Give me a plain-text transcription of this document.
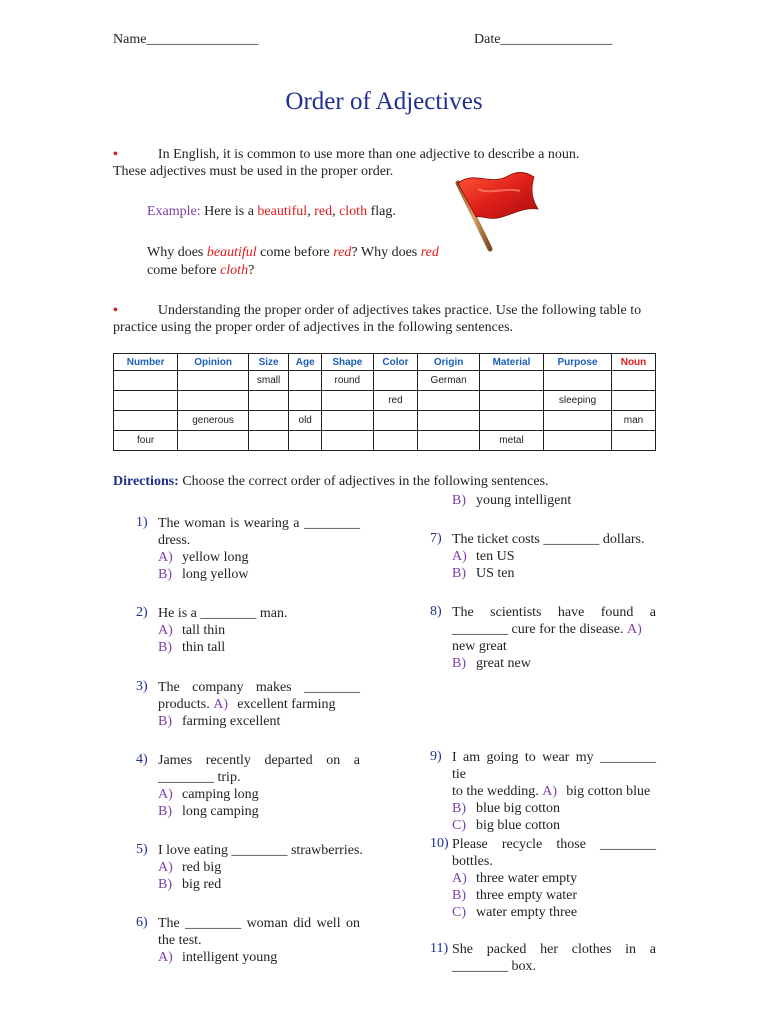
Name________________	Date________________
Order of Adjectives
•	In English, it is common to use more than one adjective to describe a noun. These adjectives must be used in the proper order.
Example: Here is a beautiful, red, cloth flag.
Why does beautiful come before red? Why does red
come before cloth?
•	Understanding the proper order of adjectives takes practice. Use the following table to practice using the proper order of adjectives in the following sentences.
Number	Opinion	Size	Age	Shape	Color	Origin	Material	Purpose	Noun
		small		round		German			
					red			sleeping	
	generous		old						man
four							metal		
Directions: Choose the correct order of adjectives in the following sentences.
1) The woman is wearing a ________
dress.
A) yellow long
B) long yellow
2) He is a ________ man.
A) tall thin
B) thin tall
3) The company makes ________
products. A) excellent farming
B) farming excellent
4) James recently departed on a
________ trip.
A) camping long
B) long camping
5) I love eating ________ strawberries.
A) red big
B) big red
6) The ________ woman did well on
the test.
A) intelligent young
B) young intelligent
7) The ticket costs ________ dollars.
A) ten US
B) US ten
8) The scientists have found a
________ cure for the disease. A)
new great
B) great new
9) I am going to wear my ________ tie
to the wedding. A) big cotton blue
B) blue big cotton
C) big blue cotton
10) Please recycle those ________
bottles.
A) three water empty
B) three empty water
C) water empty three
11) She packed her clothes in a
________ box.
